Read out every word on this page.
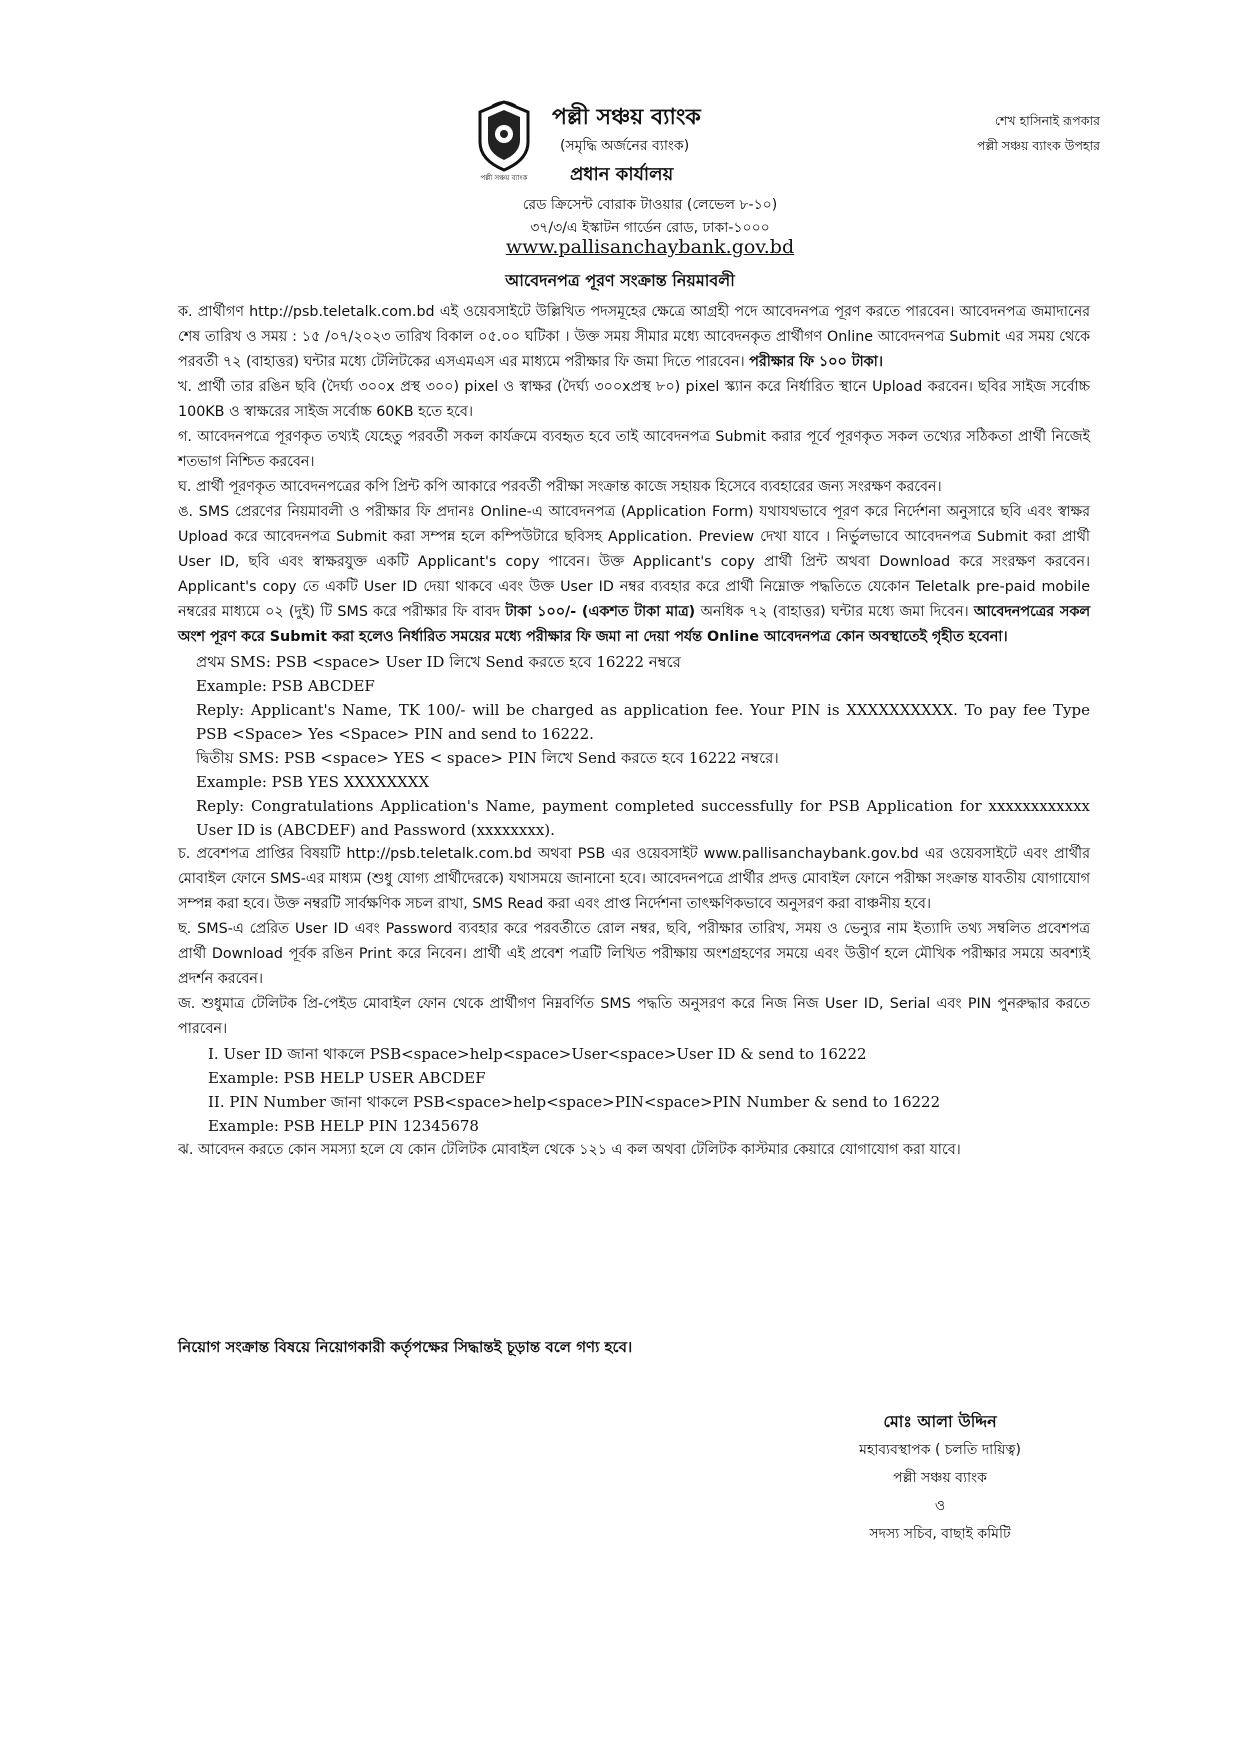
পল্লী সঞ্চয় ব্যাংক
পল্লী সঞ্চয় ব্যাংক
(সমৃদ্ধি অর্জনের ব্যাংক)
প্রধান কার্যালয়
রেড ক্রিসেন্ট বোরাক টাওয়ার (লেভেল ৮-১০)
৩৭/৩/এ ইস্কাটন গার্ডেন রোড, ঢাকা-১০০০
www.pallisanchaybank.gov.bd
শেখ হাসিনাই রূপকার
পল্লী সঞ্চয় ব্যাংক উপহার
আবেদনপত্র পূরণ সংক্রান্ত নিয়মাবলী

ক. প্রার্থীগণ http://psb.teletalk.com.bd এই ওয়েবসাইটে উল্লিখিত পদসমূহের ক্ষেত্রে আগ্রহী পদে আবেদনপত্র পূরণ করতে পারবেন। আবেদনপত্র জমাদানের শেষ তারিখ ও সময় : ১৫ /০৭/২০২৩ তারিখ বিকাল ০৫.০০ ঘটিকা । উক্ত সময় সীমার মধ্যে আবেদনকৃত প্রার্থীগণ Online আবেদনপত্র Submit এর সময় থেকে পরবর্তী ৭২ (বাহাত্তর) ঘন্টার মধ্যে টেলিটকের এসএমএস এর মাধ্যমে পরীক্ষার ফি জমা দিতে পারবেন। পরীক্ষার ফি ১০০ টাকা।

খ. প্রার্থী তার রঙিন ছবি (দৈর্ঘ্য ৩০০x প্রস্থ ৩০০) pixel ও স্বাক্ষর (দৈর্ঘ্য ৩০০xপ্রস্থ ৮০) pixel স্ক্যান করে নির্ধারিত স্থানে Upload করবেন। ছবির সাইজ সর্বোচ্চ 100KB ও স্বাক্ষরের সাইজ সর্বোচ্চ 60KB হতে হবে।

গ. আবেদনপত্রে পূরণকৃত তথ্যই যেহেতু পরবর্তী সকল কার্যক্রমে ব্যবহৃত হবে তাই আবেদনপত্র Submit করার পূর্বে পূরণকৃত সকল তথ্যের সঠিকতা প্রার্থী নিজেই শতভাগ নিশ্চিত করবেন।

ঘ. প্রার্থী পূরণকৃত আবেদনপত্রের কপি প্রিন্ট কপি আকারে পরবর্তী পরীক্ষা সংক্রান্ত কাজে সহায়ক হিসেবে ব্যবহারের জন্য সংরক্ষণ করবেন।

ঙ. SMS প্রেরণের নিয়মাবলী ও পরীক্ষার ফি প্রদানঃ Online-এ আবেদনপত্র (Application Form) যথাযথভাবে পূরণ করে নির্দেশনা অনুসারে ছবি এবং স্বাক্ষর Upload করে আবেদনপত্র Submit করা সম্পন্ন হলে কম্পিউটারে ছবিসহ Application. Preview দেখা যাবে । নির্ভুলভাবে আবেদনপত্র Submit করা প্রার্থী User ID, ছবি এবং স্বাক্ষরযুক্ত একটি Applicant's copy পাবেন। উক্ত Applicant's copy প্রার্থী প্রিন্ট অথবা Download করে সংরক্ষণ করবেন। Applicant's copy তে একটি User ID দেয়া থাকবে এবং উক্ত User ID নম্বর ব্যবহার করে প্রার্থী নিম্নোক্ত পদ্ধতিতে যেকোন Teletalk pre-paid mobile নম্বরের মাধ্যমে ০২ (দুই) টি SMS করে পরীক্ষার ফি বাবদ টাকা ১০০/- (একশত টাকা মাত্র) অনধিক ৭২ (বাহাত্তর) ঘন্টার মধ্যে জমা দিবেন। আবেদনপত্রের সকল অংশ পূরণ করে Submit করা হলেও নির্ধারিত সময়ের মধ্যে পরীক্ষার ফি জমা না দেয়া পর্যন্ত Online আবেদনপত্র কোন অবস্থাতেই গৃহীত হবেনা।

প্রথম SMS: PSB <space> User ID লিখে Send করতে হবে 16222 নম্বরে
Example: PSB ABCDEF
Reply: Applicant's Name, TK 100/- will be charged as application fee. Your PIN is XXXXXXXXXX. To pay fee Type PSB <Space> Yes <Space> PIN and send to 16222.
দ্বিতীয় SMS: PSB <space> YES < space> PIN লিখে Send করতে হবে 16222 নম্বরে।
Example: PSB YES XXXXXXXX
Reply: Congratulations Application's Name, payment completed successfully for PSB Application for xxxxxxxxxxxx User ID is (ABCDEF) and Password (xxxxxxxx).

চ. প্রবেশপত্র প্রাপ্তির বিষয়টি http://psb.teletalk.com.bd অথবা PSB এর ওয়েবসাইট www.pallisanchaybank.gov.bd এর ওয়েবসাইটে এবং প্রার্থীর মোবাইল ফোনে SMS-এর মাধ্যম (শুধু যোগ্য প্রার্থীদেরকে) যথাসময়ে জানানো হবে। আবেদনপত্রে প্রার্থীর প্রদত্ত মোবাইল ফোনে পরীক্ষা সংক্রান্ত যাবতীয় যোগাযোগ সম্পন্ন করা হবে। উক্ত নম্বরটি সার্বক্ষণিক সচল রাখা, SMS Read করা এবং প্রাপ্ত নির্দেশনা তাৎক্ষণিকভাবে অনুসরণ করা বাঞ্চনীয় হবে।

ছ. SMS-এ প্রেরিত User ID এবং Password ব্যবহার করে পরবর্তীতে রোল নম্বর, ছবি, পরীক্ষার তারিখ, সময় ও ভেন্যুর নাম ইত্যাদি তথ্য সম্বলিত প্রবেশপত্র প্রার্থী Download পূর্বক রঙিন Print করে নিবেন। প্রার্থী এই প্রবেশ পত্রটি লিখিত পরীক্ষায় অংশগ্রহণের সময়ে এবং উত্তীর্ণ হলে মৌখিক পরীক্ষার সময়ে অবশ্যই প্রদর্শন করবেন।

জ. শুধুমাত্র টেলিটক প্রি-পেইড মোবাইল ফোন থেকে প্রার্থীগণ নিম্নবর্ণিত SMS পদ্ধতি অনুসরণ করে নিজ নিজ User ID, Serial এবং PIN পুনরুদ্ধার করতে পারবেন।

I. User ID জানা থাকলে PSB<space>help<space>User<space>User ID & send to 16222
Example: PSB HELP USER ABCDEF
II. PIN Number জানা থাকলে PSB<space>help<space>PIN<space>PIN Number & send to 16222
Example: PSB HELP PIN 12345678

ঝ. আবেদন করতে কোন সমস্যা হলে যে কোন টেলিটক মোবাইল থেকে ১২১ এ কল অথবা টেলিটক কাস্টমার কেয়ারে যোগাযোগ করা যাবে।

নিয়োগ সংক্রান্ত বিষয়ে নিয়োগকারী কর্তৃপক্ষের সিদ্ধান্তই চূড়ান্ত বলে গণ্য হবে।
মোঃ আলা উদ্দিন
মহাব্যবস্থাপক ( চলতি দায়িত্ব)
পল্লী সঞ্চয় ব্যাংক
ও
সদস্য সচিব, বাছাই কমিটি
